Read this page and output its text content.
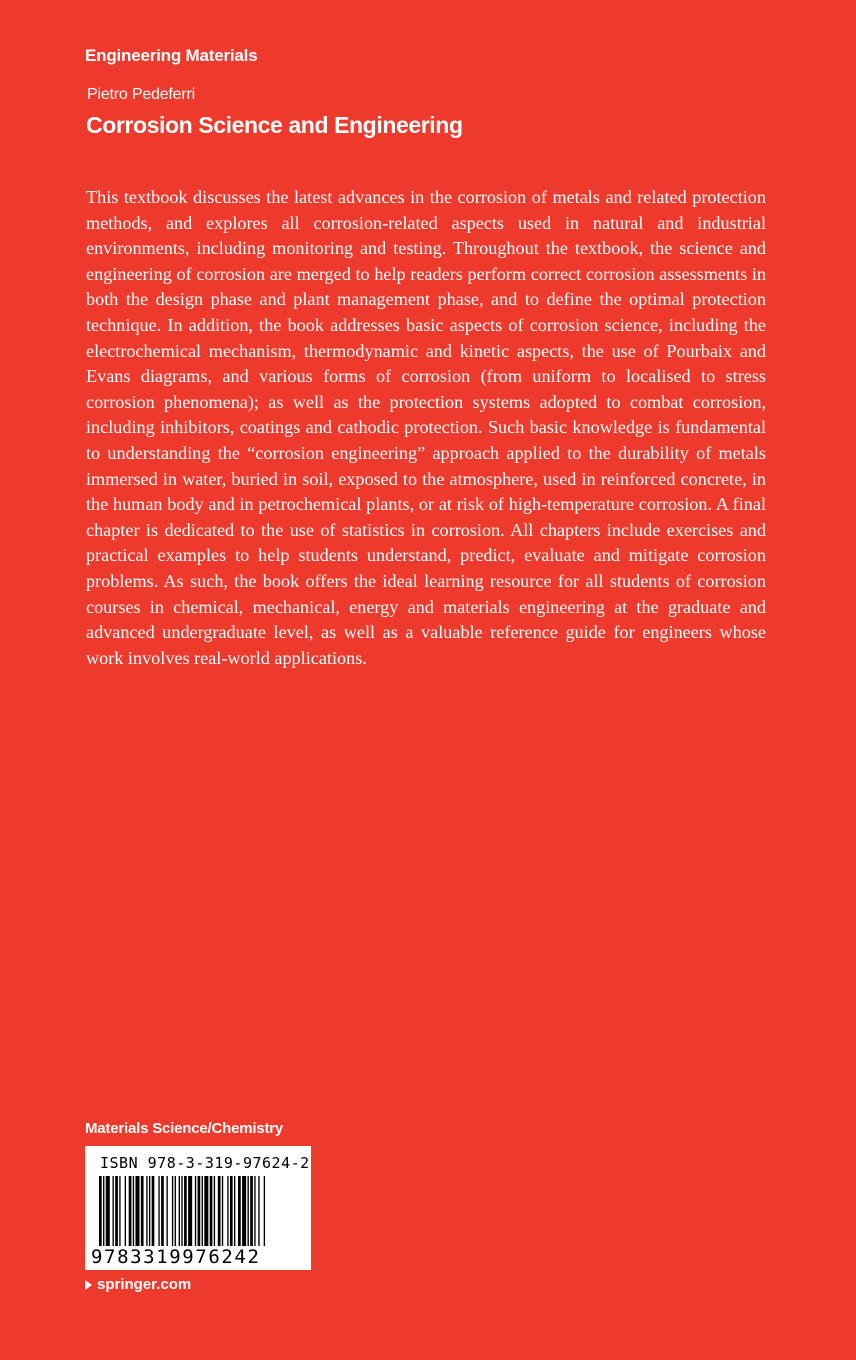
Engineering Materials
Pietro Pedeferri
Corrosion Science and Engineering

This textbook discusses the latest advances in the corrosion of metals and related protection methods, and explores all corrosion-related aspects used in natural and industrial environments, including monitoring and testing. Throughout the textbook, the science and engineering of corrosion are merged to help readers perform correct corrosion assessments in both the design phase and plant management phase, and to define the optimal protection technique. In addition, the book addresses basic aspects of corrosion science, including the electrochemical mechanism, thermodynamic and kinetic aspects, the use of Pourbaix and Evans diagrams, and various forms of corrosion (from uniform to localised to stress corrosion phenomena); as well as the protection systems adopted to combat corrosion, including inhibitors, coatings and cathodic protection. Such basic knowledge is fundamental to understanding the “corrosion engineering” approach applied to the durability of metals immersed in water, buried in soil, exposed to the atmosphere, used in reinforced concrete, in the human body and in petrochemical plants, or at risk of high-temperature corrosion. A final chapter is dedicated to the use of statistics in corrosion. All chapters include exercises and practical examples to help students understand, predict, evaluate and mitigate corrosion problems. As such, the book offers the ideal learning resource for all students of corrosion courses in chemical, mechanical, energy and materials engineering at the graduate and advanced undergraduate level, as well as a valuable reference guide for engineers whose work involves real-world applications.

Materials Science/Chemistry
ISBN 978-3-319-97624-2
9783319976242
springer.com
